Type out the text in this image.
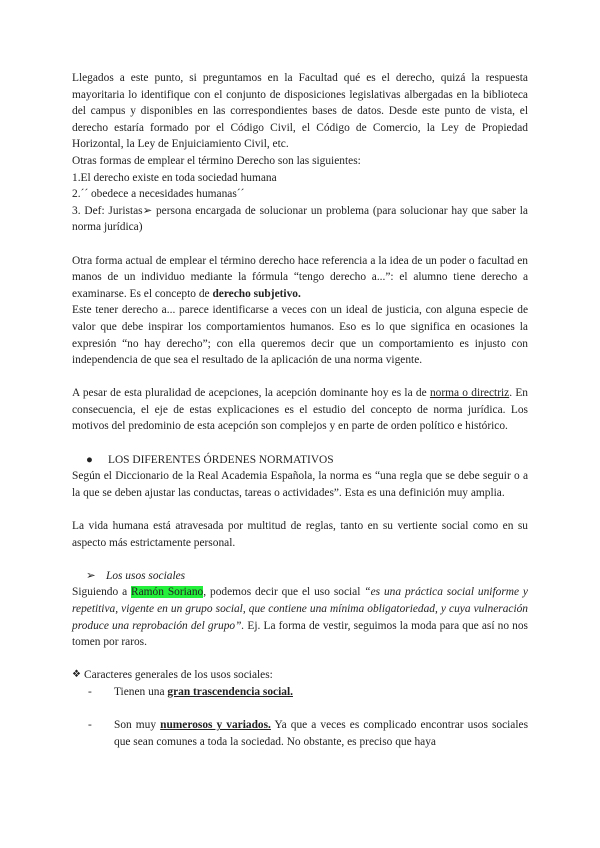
Llegados a este punto, si preguntamos en la Facultad qué es el derecho, quizá la respuesta mayoritaria lo identifique con el conjunto de disposiciones legislativas albergadas en la biblioteca del campus y disponibles en las correspondientes bases de datos. Desde este punto de vista, el derecho estaría formado por el Código Civil, el Código de Comercio, la Ley de Propiedad Horizontal, la Ley de Enjuiciamiento Civil, etc.

Otras formas de emplear el término Derecho son las siguientes:

1.El derecho existe en toda sociedad humana
2.´´ obedece a necesidades humanas´´
3. Def: Juristas➢ persona encargada de solucionar un problema (para solucionar hay que saber la norma jurídica)

Otra forma actual de emplear el término derecho hace referencia a la idea de un poder o facultad en manos de un individuo mediante la fórmula “tengo derecho a...”: el alumno tiene derecho a examinarse. Es el concepto de derecho subjetivo.

Este tener derecho a... parece identificarse a veces con un ideal de justicia, con alguna especie de valor que debe inspirar los comportamientos humanos. Eso es lo que significa en ocasiones la expresión “no hay derecho”; con ella queremos decir que un comportamiento es injusto con independencia de que sea el resultado de la aplicación de una norma vigente.

A pesar de esta pluralidad de acepciones, la acepción dominante hoy es la de norma o directriz. En consecuencia, el eje de estas explicaciones es el estudio del concepto de norma jurídica. Los motivos del predominio de esta acepción son complejos y en parte de orden político e histórico.

●	LOS DIFERENTES ÓRDENES NORMATIVOS

Según el Diccionario de la Real Academia Española, la norma es “una regla que se debe seguir o a la que se deben ajustar las conductas, tareas o actividades”. Esta es una definición muy amplia.

La vida humana está atravesada por multitud de reglas, tanto en su vertiente social como en su aspecto más estrictamente personal.

➢ Los usos sociales

Siguiendo a Ramón Soriano, podemos decir que el uso social “es una práctica social uniforme y repetitiva, vigente en un grupo social, que contiene una mínima obligatoriedad, y cuya vulneración produce una reprobación del grupo”. Ej. La forma de vestir, seguimos la moda para que así no nos tomen por raros.

❖ Caracteres generales de los usos sociales:
-	Tienen una gran trascendencia social.
-	Son muy numerosos y variados. Ya que a veces es complicado encontrar usos sociales que sean comunes a toda la sociedad. No obstante, es preciso que haya
